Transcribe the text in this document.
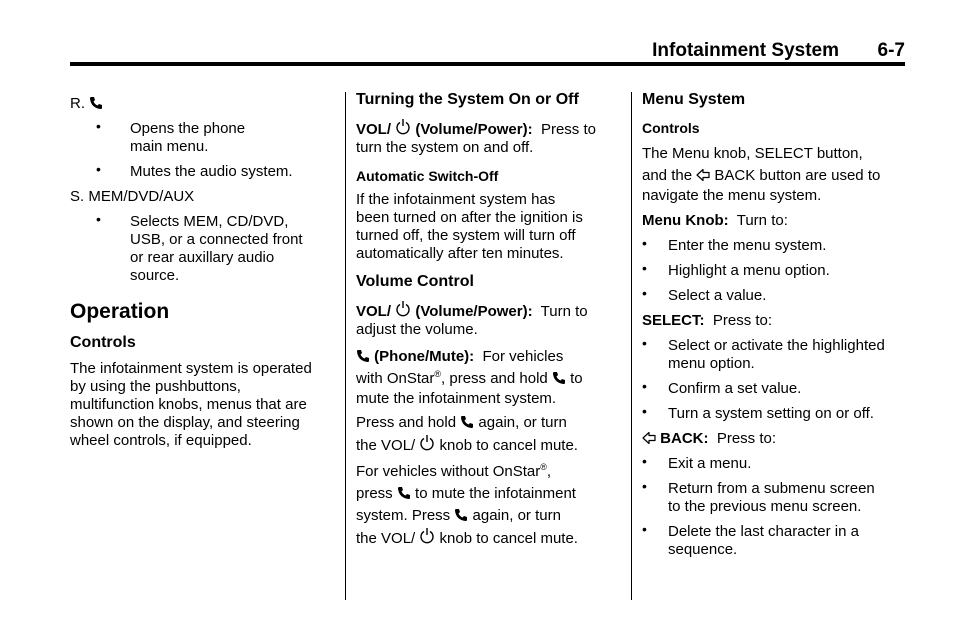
Infotainment System 6-7

R.

• Opens the phone

main menu.

• Mutes the audio system.

S. MEM/DVD/AUX

• Selects MEM, CD/DVD,

USB, or a connected front

or rear auxillary audio

source.

Operation

Controls

The infotainment system is operated

by using the pushbuttons,

multifunction knobs, menus that are

shown on the display, and steering

wheel controls, if equipped.

Turning the System On or Off

VOL/ (Volume/Power): Press to

turn the system on and off.

Automatic Switch-Off

If the infotainment system has

been turned on after the ignition is

turned off, the system will turn off

automatically after ten minutes.

Volume Control

VOL/ (Volume/Power): Turn to

adjust the volume.

(Phone/Mute): For vehicles

with OnStar®, press and hold to

mute the infotainment system.

Press and hold again, or turn

the VOL/ knob to cancel mute.

For vehicles without OnStar®,

press to mute the infotainment

system. Press again, or turn

the VOL/ knob to cancel mute.

Menu System

Controls

The Menu knob, SELECT button,

and the BACK button are used to

navigate the menu system.

Menu Knob: Turn to:

• Enter the menu system.

• Highlight a menu option.

• Select a value.

SELECT: Press to:

• Select or activate the highlighted

menu option.

• Confirm a set value.

• Turn a system setting on or off.

BACK: Press to:

• Exit a menu.

• Return from a submenu screen

to the previous menu screen.

• Delete the last character in a

sequence.
